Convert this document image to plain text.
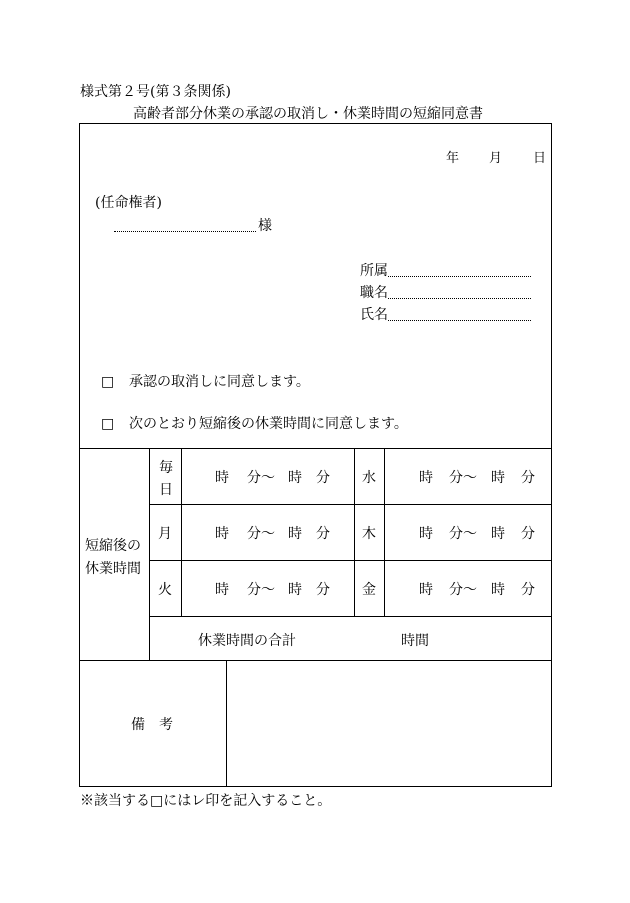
様式第２号(第３条関係)
高齢者部分休業の承認の取消し・休業時間の短縮同意書
年 月 日
(任命権者)
様
所属
職名
氏名
□ 承認の取消しに同意します。
□ 次のとおり短縮後の休業時間に同意します。
短縮後の
休業時間
毎
日
月
火
水
木
金
時 分〜 時 分
時 分〜 時 分
時 分〜 時 分
時 分〜 時 分
時 分〜 時 分
時 分〜 時 分
休業時間の合計	時間
備　考
※該当する□にはレ印を記入すること。
